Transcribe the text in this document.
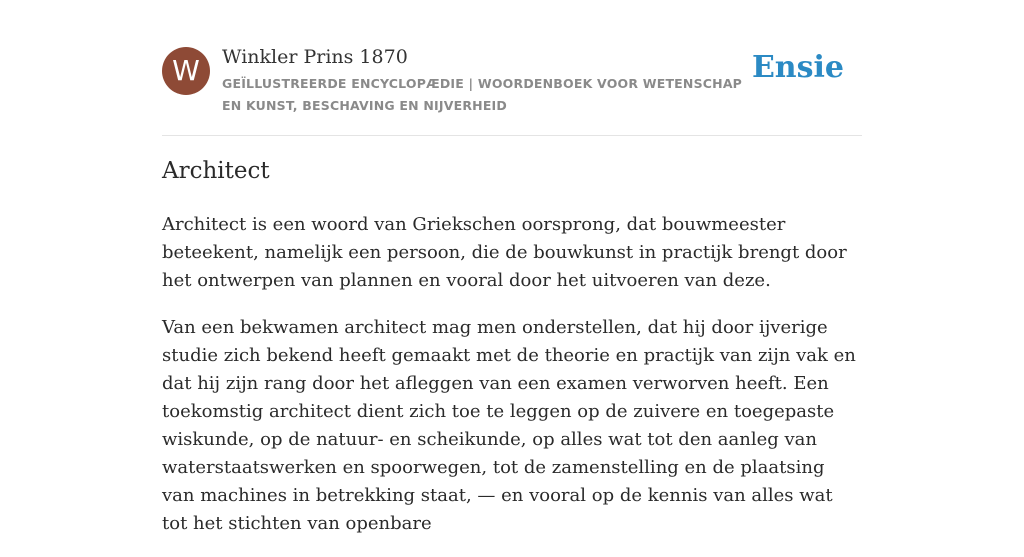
W	Winkler Prins 1870
GEÏLLUSTREERDE ENCYCLOPÆDIE | WOORDENBOEK VOOR WETENSCHAP EN KUNST, BESCHAVING EN NIJVERHEID
Ensie
Architect

Architect is een woord van Griekschen oorsprong, dat bouwmeester beteekent, namelijk een persoon, die de bouwkunst in practijk brengt door het ontwerpen van plannen en vooral door het uitvoeren van deze.

Van een bekwamen architect mag men onderstellen, dat hij door ijverige studie zich bekend heeft gemaakt met de theorie en practijk van zijn vak en dat hij zijn rang door het afleggen van een examen verworven heeft. Een toekomstig architect dient zich toe te leggen op de zuivere en toegepaste wiskunde, op de natuur- en scheikunde, op alles wat tot den aanleg van waterstaatswerken en spoorwegen, tot de zamenstelling en de plaatsing van machines in betrekking staat, — en vooral op de kennis van alles wat tot het stichten van openbare
